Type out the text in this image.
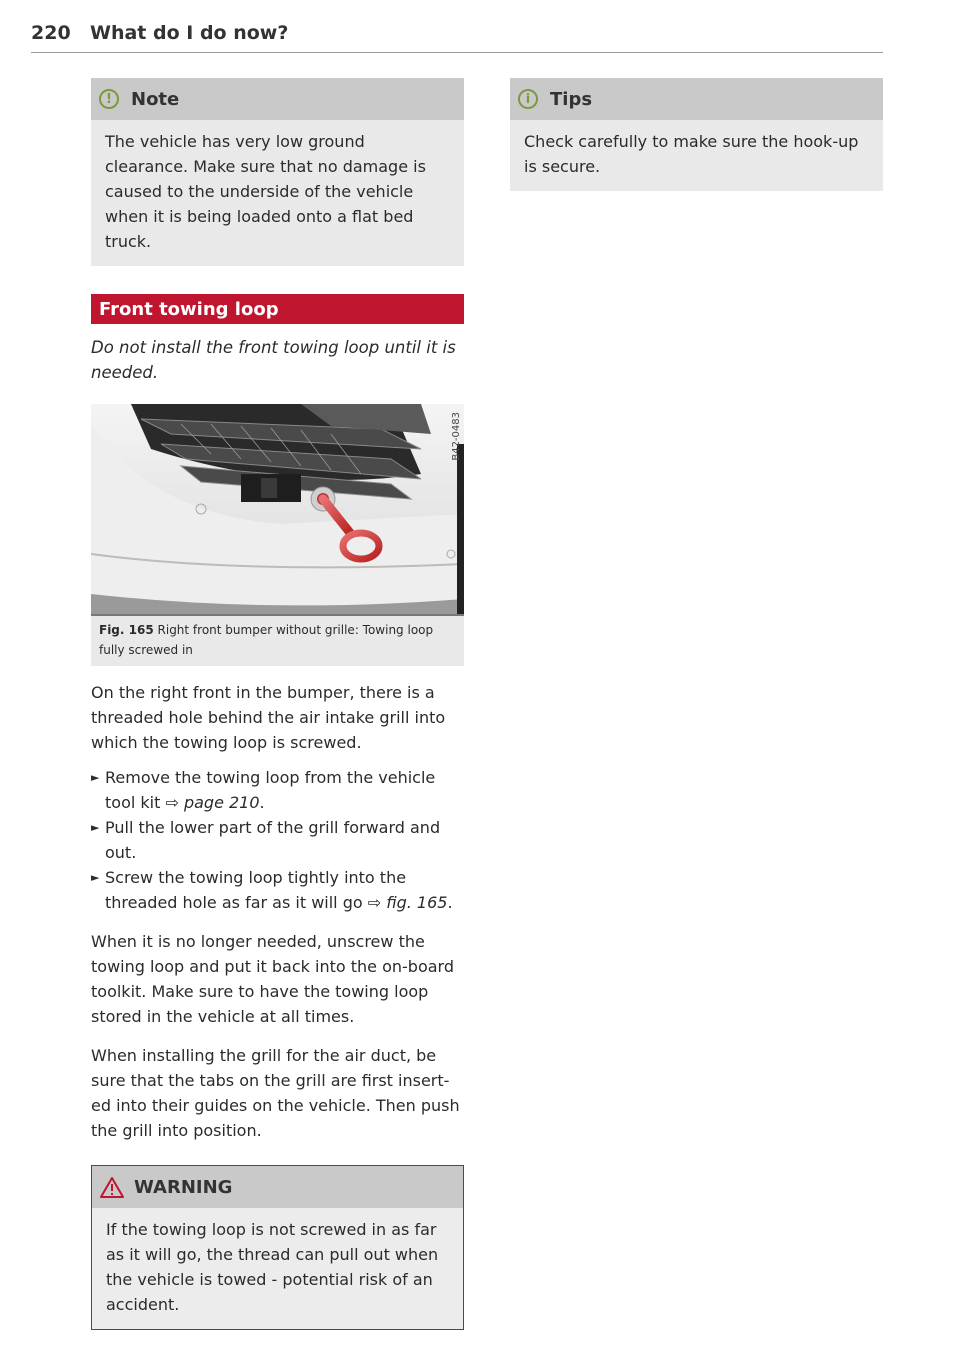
220 What do I do now?
!	Note
The vehicle has very low ground clearance. Make sure that no damage is caused to the underside of the vehicle when it is being loaded onto a flat bed truck.
Front towing loop
Do not install the front towing loop until it is needed.
B42-0483
Fig. 165 Right front bumper without grille: Towing loop fully screwed in

On the right front in the bumper, there is a threaded hole behind the air intake grill into which the towing loop is screwed.

► Remove the towing loop from the vehicle tool kit ⇨ page 210.
► Pull the lower part of the grill forward and out.
► Screw the towing loop tightly into the threaded hole as far as it will go ⇨ fig. 165.

When it is no longer needed, unscrew the towing loop and put it back into the on-board toolkit. Make sure to have the towing loop stored in the vehicle at all times.

When installing the grill for the air duct, be sure that the tabs on the grill are first insert-ed into their guides on the vehicle. Then push the grill into position.

WARNING
If the towing loop is not screwed in as far as it will go, the thread can pull out when the vehicle is towed - potential risk of an accident.
i	Tips
Check carefully to make sure the hook-up is secure.
